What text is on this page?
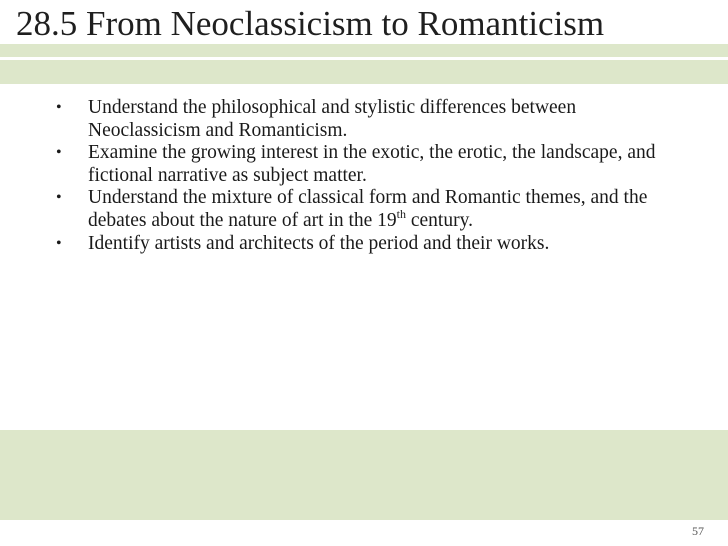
28.5 From Neoclassicism to Romanticism
• Understand the philosophical and stylistic differences between Neoclassicism and Romanticism.
• Examine the growing interest in the exotic, the erotic, the landscape, and fictional narrative as subject matter.
• Understand the mixture of classical form and Romantic themes, and the debates about the nature of art in the 19th century.
• Identify artists and architects of the period and their works.
57
